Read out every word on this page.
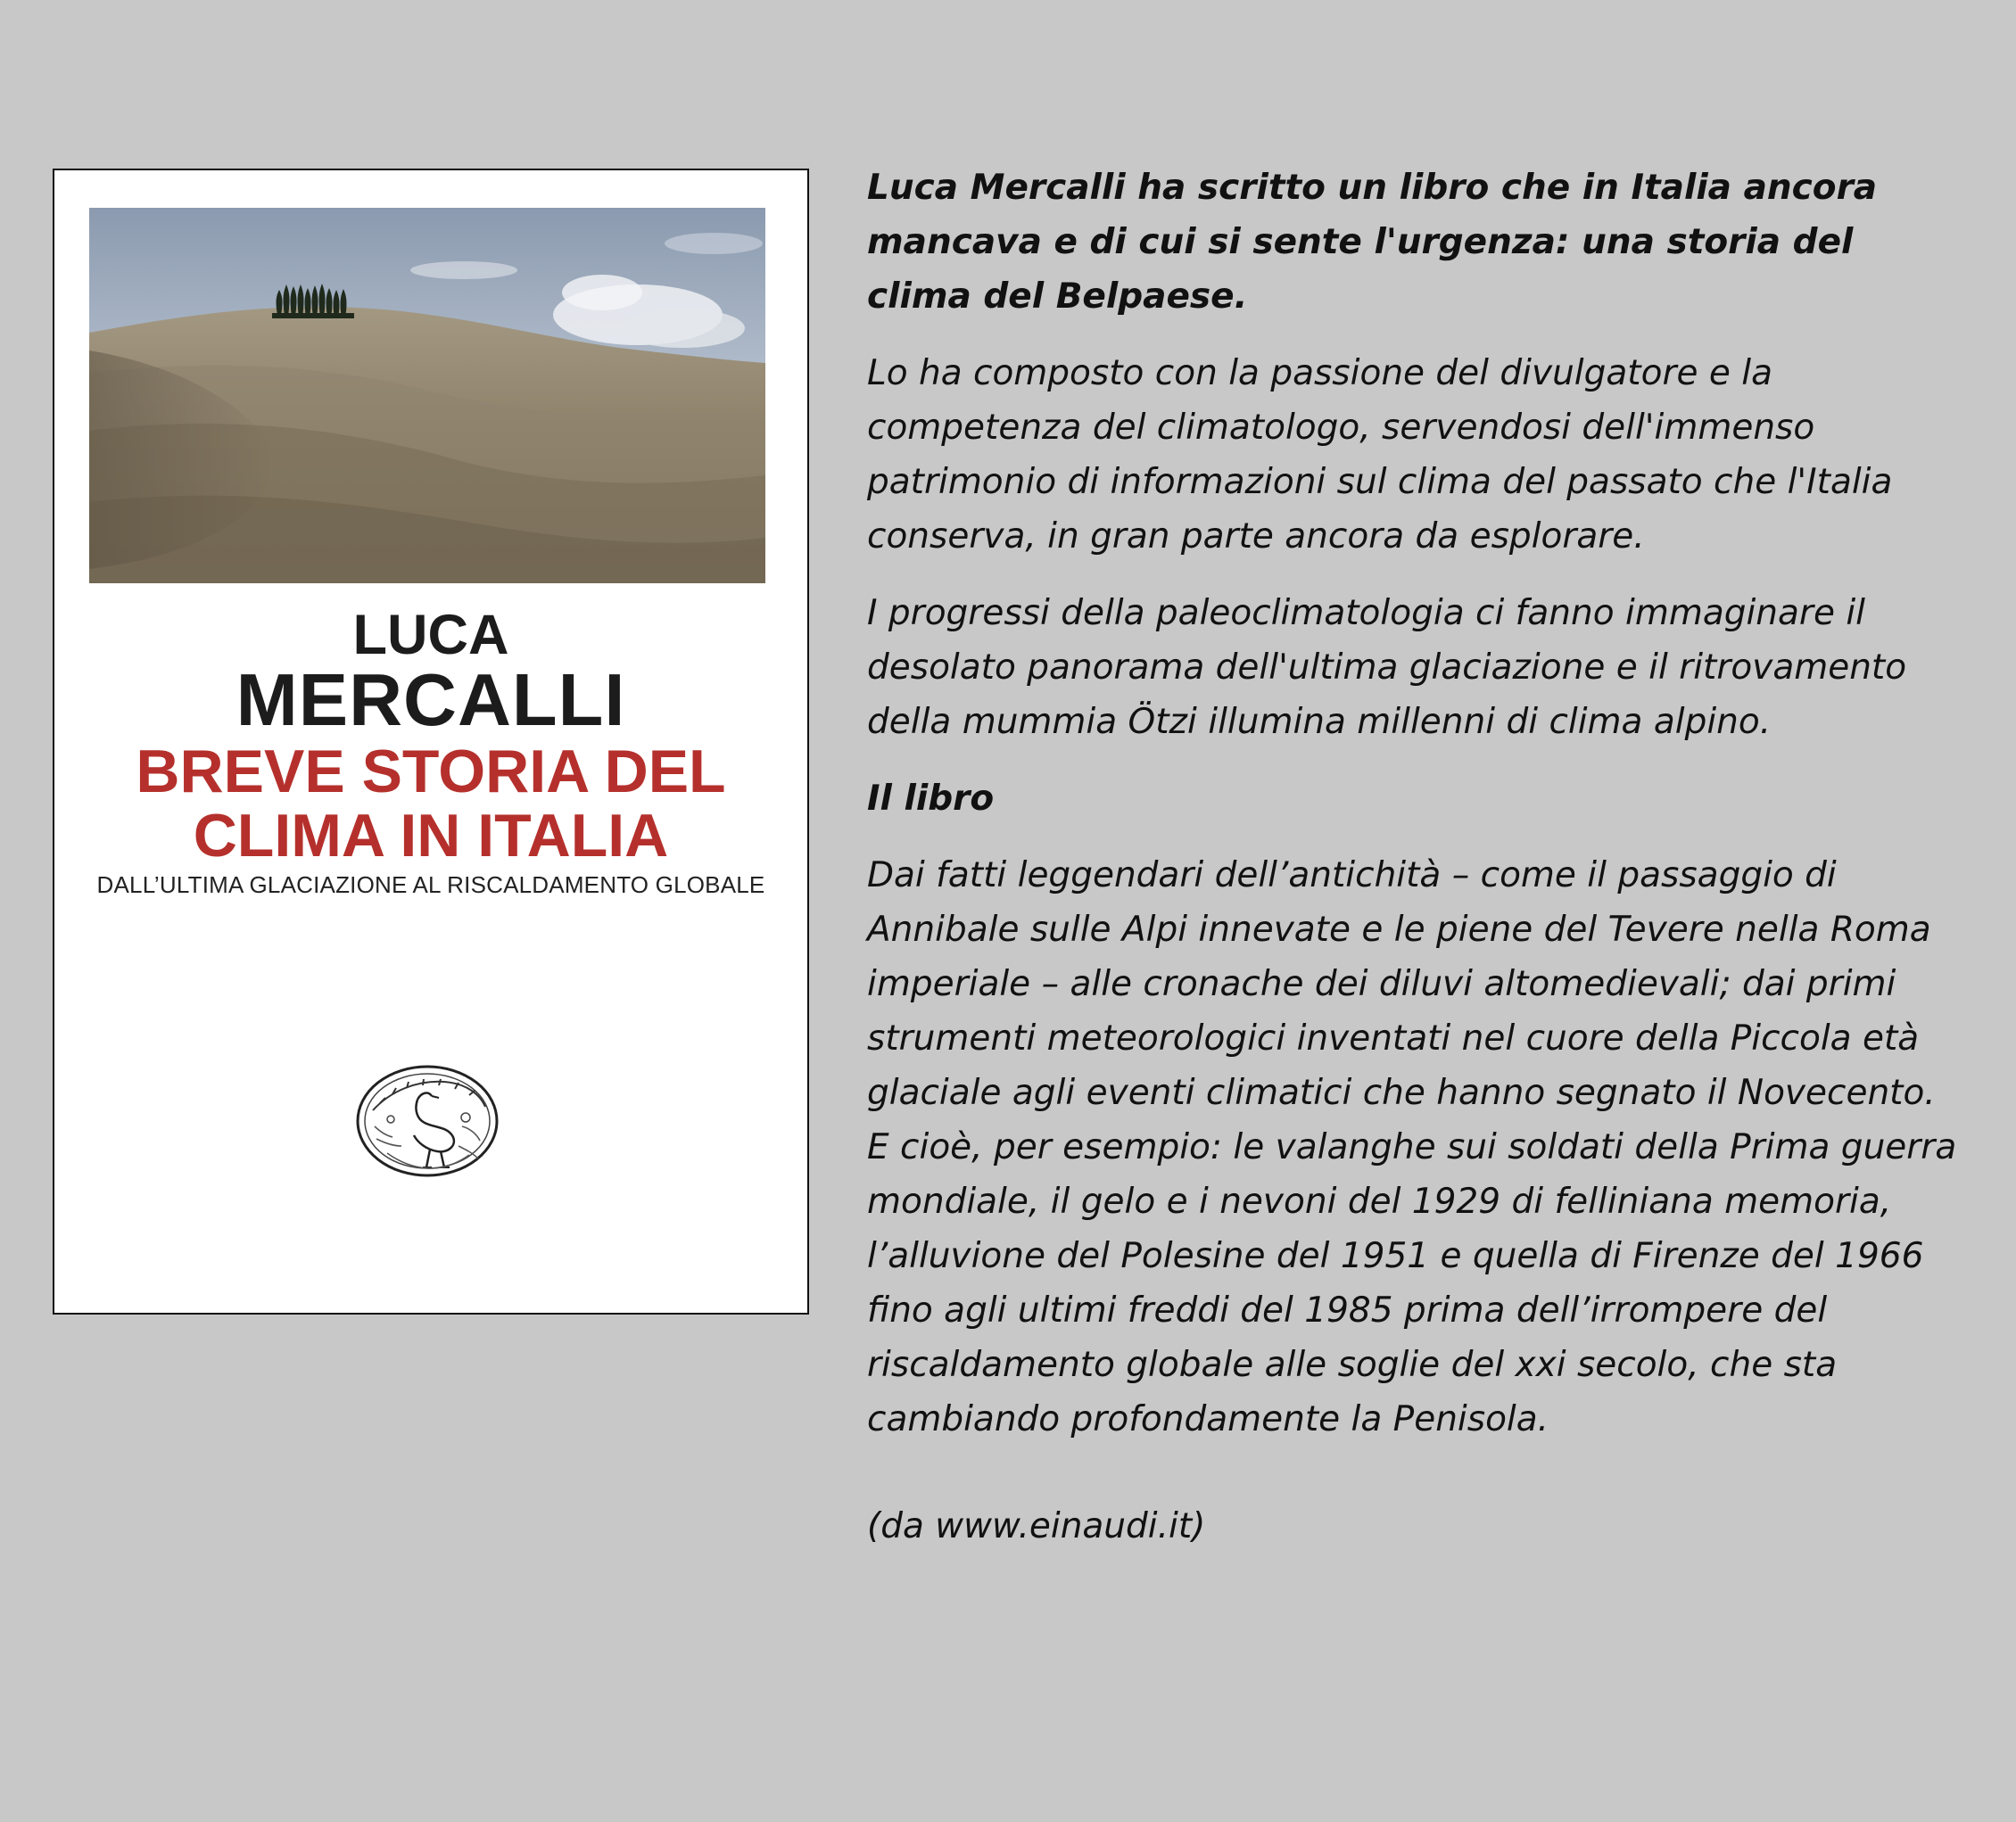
LUCA
MERCALLI
BREVE STORIA DEL
CLIMA IN ITALIA
DALL’ULTIMA GLACIAZIONE AL RISCALDAMENTO GLOBALE

Luca Mercalli ha scritto un libro che in Italia ancora mancava e di cui si sente l'urgenza: una storia del clima del Belpaese.

Lo ha composto con la passione del divulgatore e la competenza del climatologo, servendosi dell'immenso patrimonio di informazioni sul clima del passato che l'Italia conserva, in gran parte ancora da esplorare.

I progressi della paleoclimatologia ci fanno immaginare il desolato panorama dell'ultima glaciazione e il ritrovamento della mummia Ötzi illumina millenni di clima alpino.

Il libro

Dai fatti leggendari dell’antichità – come il passaggio di Annibale sulle Alpi innevate e le piene del Tevere nella Roma imperiale – alle cronache dei diluvi altomedievali; dai primi strumenti meteorologici inventati nel cuore della Piccola età glaciale agli eventi climatici che hanno segnato il Novecento. E cioè, per esempio: le valanghe sui soldati della Prima guerra mondiale, il gelo e i nevoni del 1929 di felliniana memoria, l’alluvione del Polesine del 1951 e quella di Firenze del 1966 fino agli ultimi freddi del 1985 prima dell’irrompere del riscaldamento globale alle soglie del xxi secolo, che sta cambiando profondamente la Penisola.

(da www.einaudi.it)
